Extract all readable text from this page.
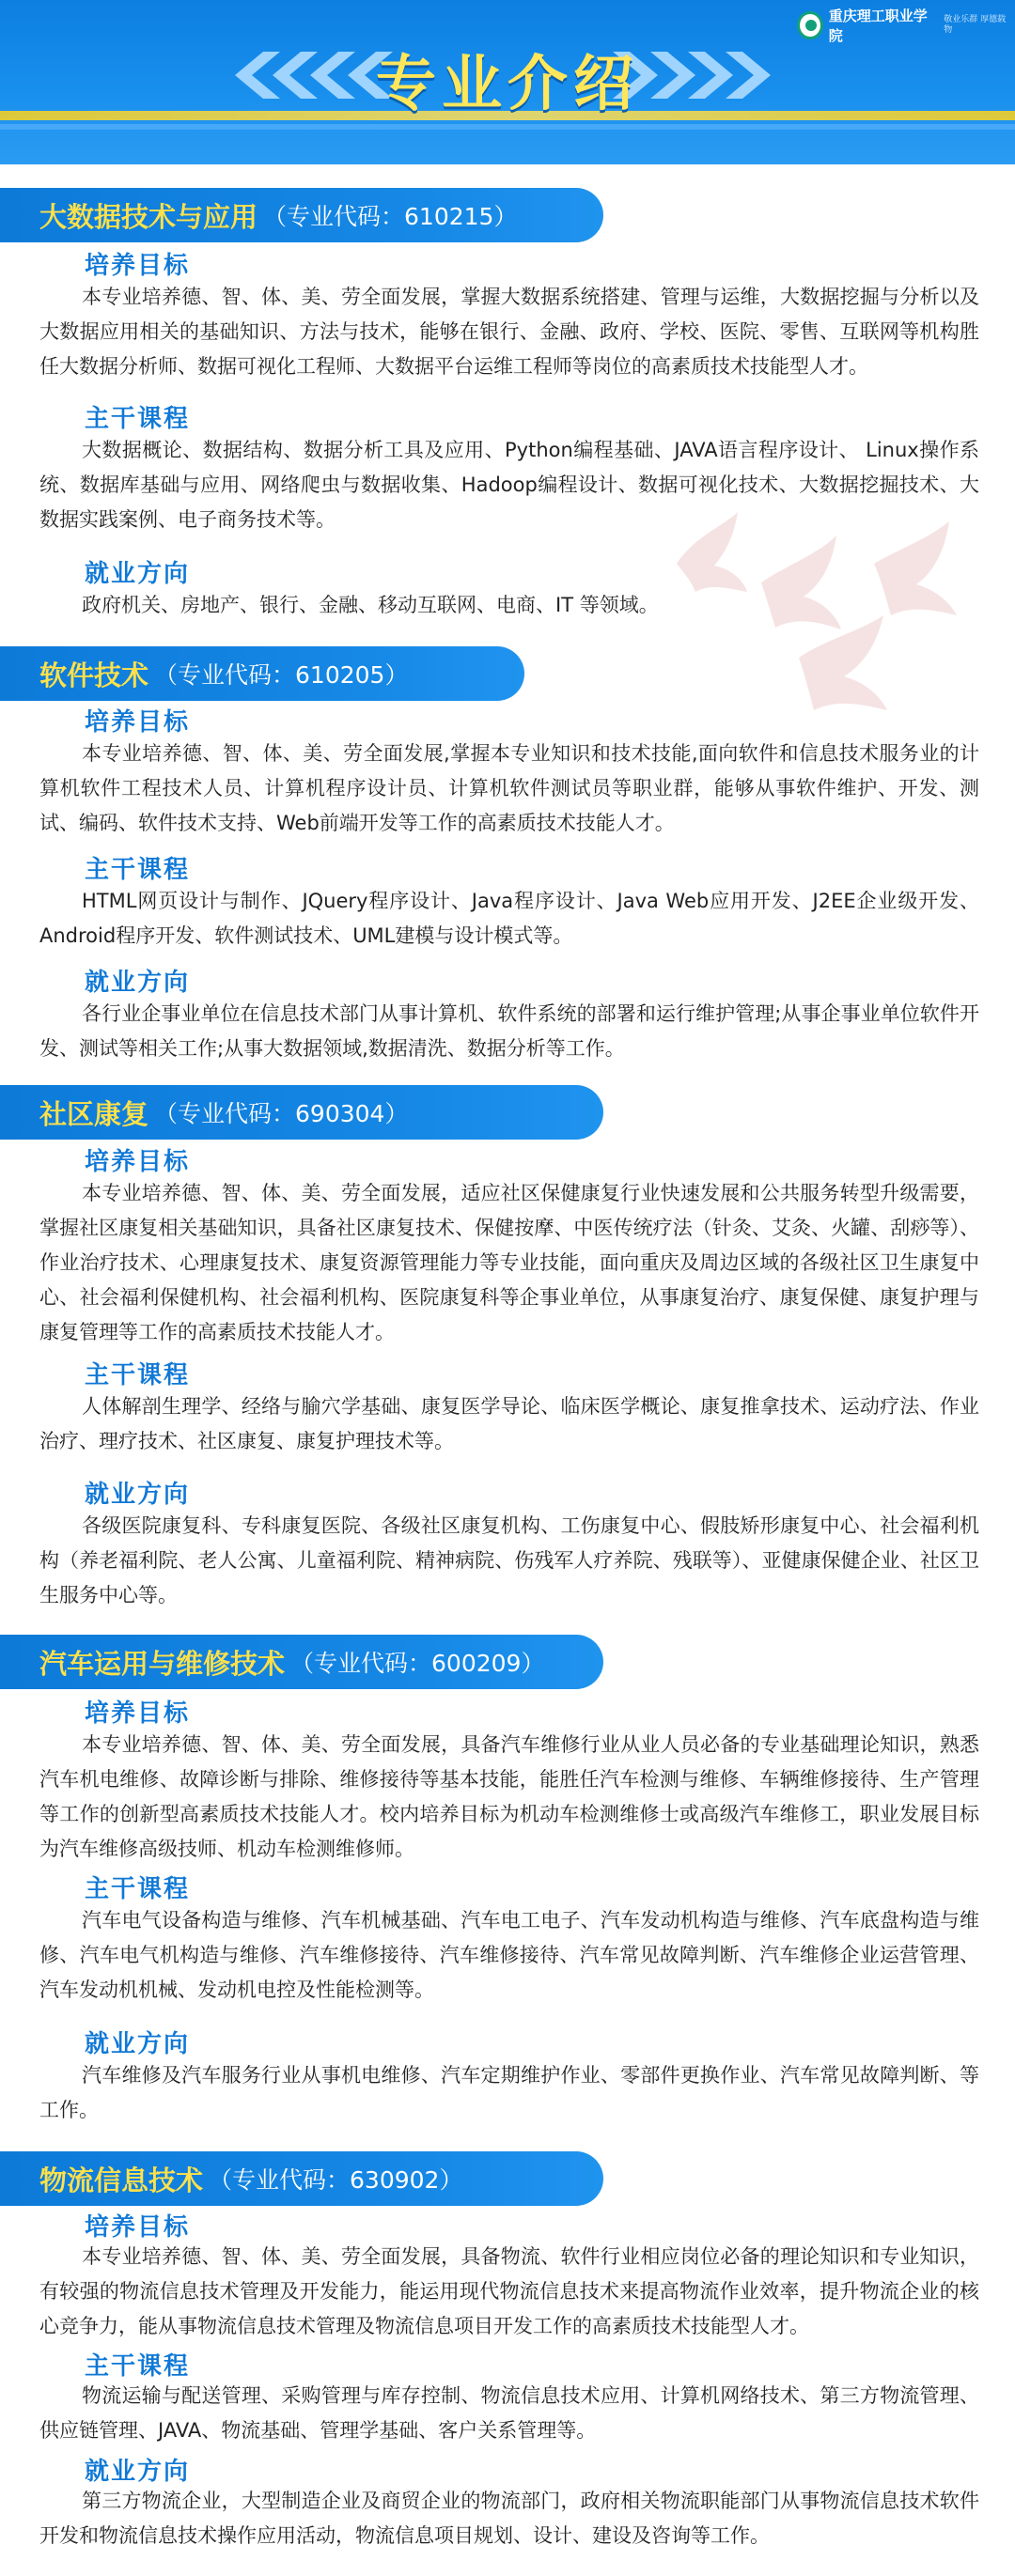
专业介绍
重庆理工职业学院
敬业乐群 厚德载物
大数据技术与应用 （专业代码：610215）
培养目标
本专业培养德、智、体、美、劳全面发展，掌握大数据系统搭建、管理与运维，大数据挖掘与分析以及大数据应用相关的基础知识、方法与技术，能够在银行、金融、政府、学校、医院、零售、互联网等机构胜任大数据分析师、数据可视化工程师、大数据平台运维工程师等岗位的高素质技术技能型人才。
主干课程
大数据概论、数据结构、数据分析工具及应用、Python编程基础、JAVA语言程序设计、 Linux操作系统、数据库基础与应用、网络爬虫与数据收集、Hadoop编程设计、数据可视化技术、大数据挖掘技术、大数据实践案例、电子商务技术等。
就业方向
政府机关、房地产、银行、金融、移动互联网、电商、IT 等领域。
软件技术 （专业代码：610205）
培养目标
本专业培养德、智、体、美、劳全面发展,掌握本专业知识和技术技能,面向软件和信息技术服务业的计算机软件工程技术人员、计算机程序设计员、计算机软件测试员等职业群，能够从事软件维护、开发、测试、编码、软件技术支持、Web前端开发等工作的高素质技术技能人才。
主干课程
HTML网页设计与制作、JQuery程序设计、Java程序设计、Java Web应用开发、J2EE企业级开发、Android程序开发、软件测试技术、UML建模与设计模式等。
就业方向
各行业企事业单位在信息技术部门从事计算机、软件系统的部署和运行维护管理;从事企事业单位软件开发、测试等相关工作;从事大数据领域,数据清洗、数据分析等工作。
社区康复 （专业代码：690304）
培养目标
本专业培养德、智、体、美、劳全面发展，适应社区保健康复行业快速发展和公共服务转型升级需要，掌握社区康复相关基础知识，具备社区康复技术、保健按摩、中医传统疗法（针灸、艾灸、火罐、刮痧等）、作业治疗技术、心理康复技术、康复资源管理能力等专业技能，面向重庆及周边区域的各级社区卫生康复中心、社会福利保健机构、社会福利机构、医院康复科等企事业单位，从事康复治疗、康复保健、康复护理与康复管理等工作的高素质技术技能人才。
主干课程
人体解剖生理学、经络与腧穴学基础、康复医学导论、临床医学概论、康复推拿技术、运动疗法、作业治疗、理疗技术、社区康复、康复护理技术等。
就业方向
各级医院康复科、专科康复医院、各级社区康复机构、工伤康复中心、假肢矫形康复中心、社会福利机构（养老福利院、老人公寓、儿童福利院、精神病院、伤残军人疗养院、残联等）、亚健康保健企业、社区卫生服务中心等。
汽车运用与维修技术 （专业代码：600209）
培养目标
本专业培养德、智、体、美、劳全面发展，具备汽车维修行业从业人员必备的专业基础理论知识，熟悉汽车机电维修、故障诊断与排除、维修接待等基本技能，能胜任汽车检测与维修、车辆维修接待、生产管理等工作的创新型高素质技术技能人才。校内培养目标为机动车检测维修士或高级汽车维修工，职业发展目标为汽车维修高级技师、机动车检测维修师。
主干课程
汽车电气设备构造与维修、汽车机械基础、汽车电工电子、汽车发动机构造与维修、汽车底盘构造与维修、汽车电气机构造与维修、汽车维修接待、汽车维修接待、汽车常见故障判断、汽车维修企业运营管理、汽车发动机机械、发动机电控及性能检测等。
就业方向
汽车维修及汽车服务行业从事机电维修、汽车定期维护作业、零部件更换作业、汽车常见故障判断、等工作。
物流信息技术 （专业代码：630902）
培养目标
本专业培养德、智、体、美、劳全面发展，具备物流、软件行业相应岗位必备的理论知识和专业知识，有较强的物流信息技术管理及开发能力，能运用现代物流信息技术来提高物流作业效率，提升物流企业的核心竞争力，能从事物流信息技术管理及物流信息项目开发工作的高素质技术技能型人才。
主干课程
物流运输与配送管理、采购管理与库存控制、物流信息技术应用、计算机网络技术、第三方物流管理、供应链管理、JAVA、物流基础、管理学基础、客户关系管理等。
就业方向
第三方物流企业，大型制造企业及商贸企业的物流部门，政府相关物流职能部门从事物流信息技术软件开发和物流信息技术操作应用活动，物流信息项目规划、设计、建设及咨询等工作。
